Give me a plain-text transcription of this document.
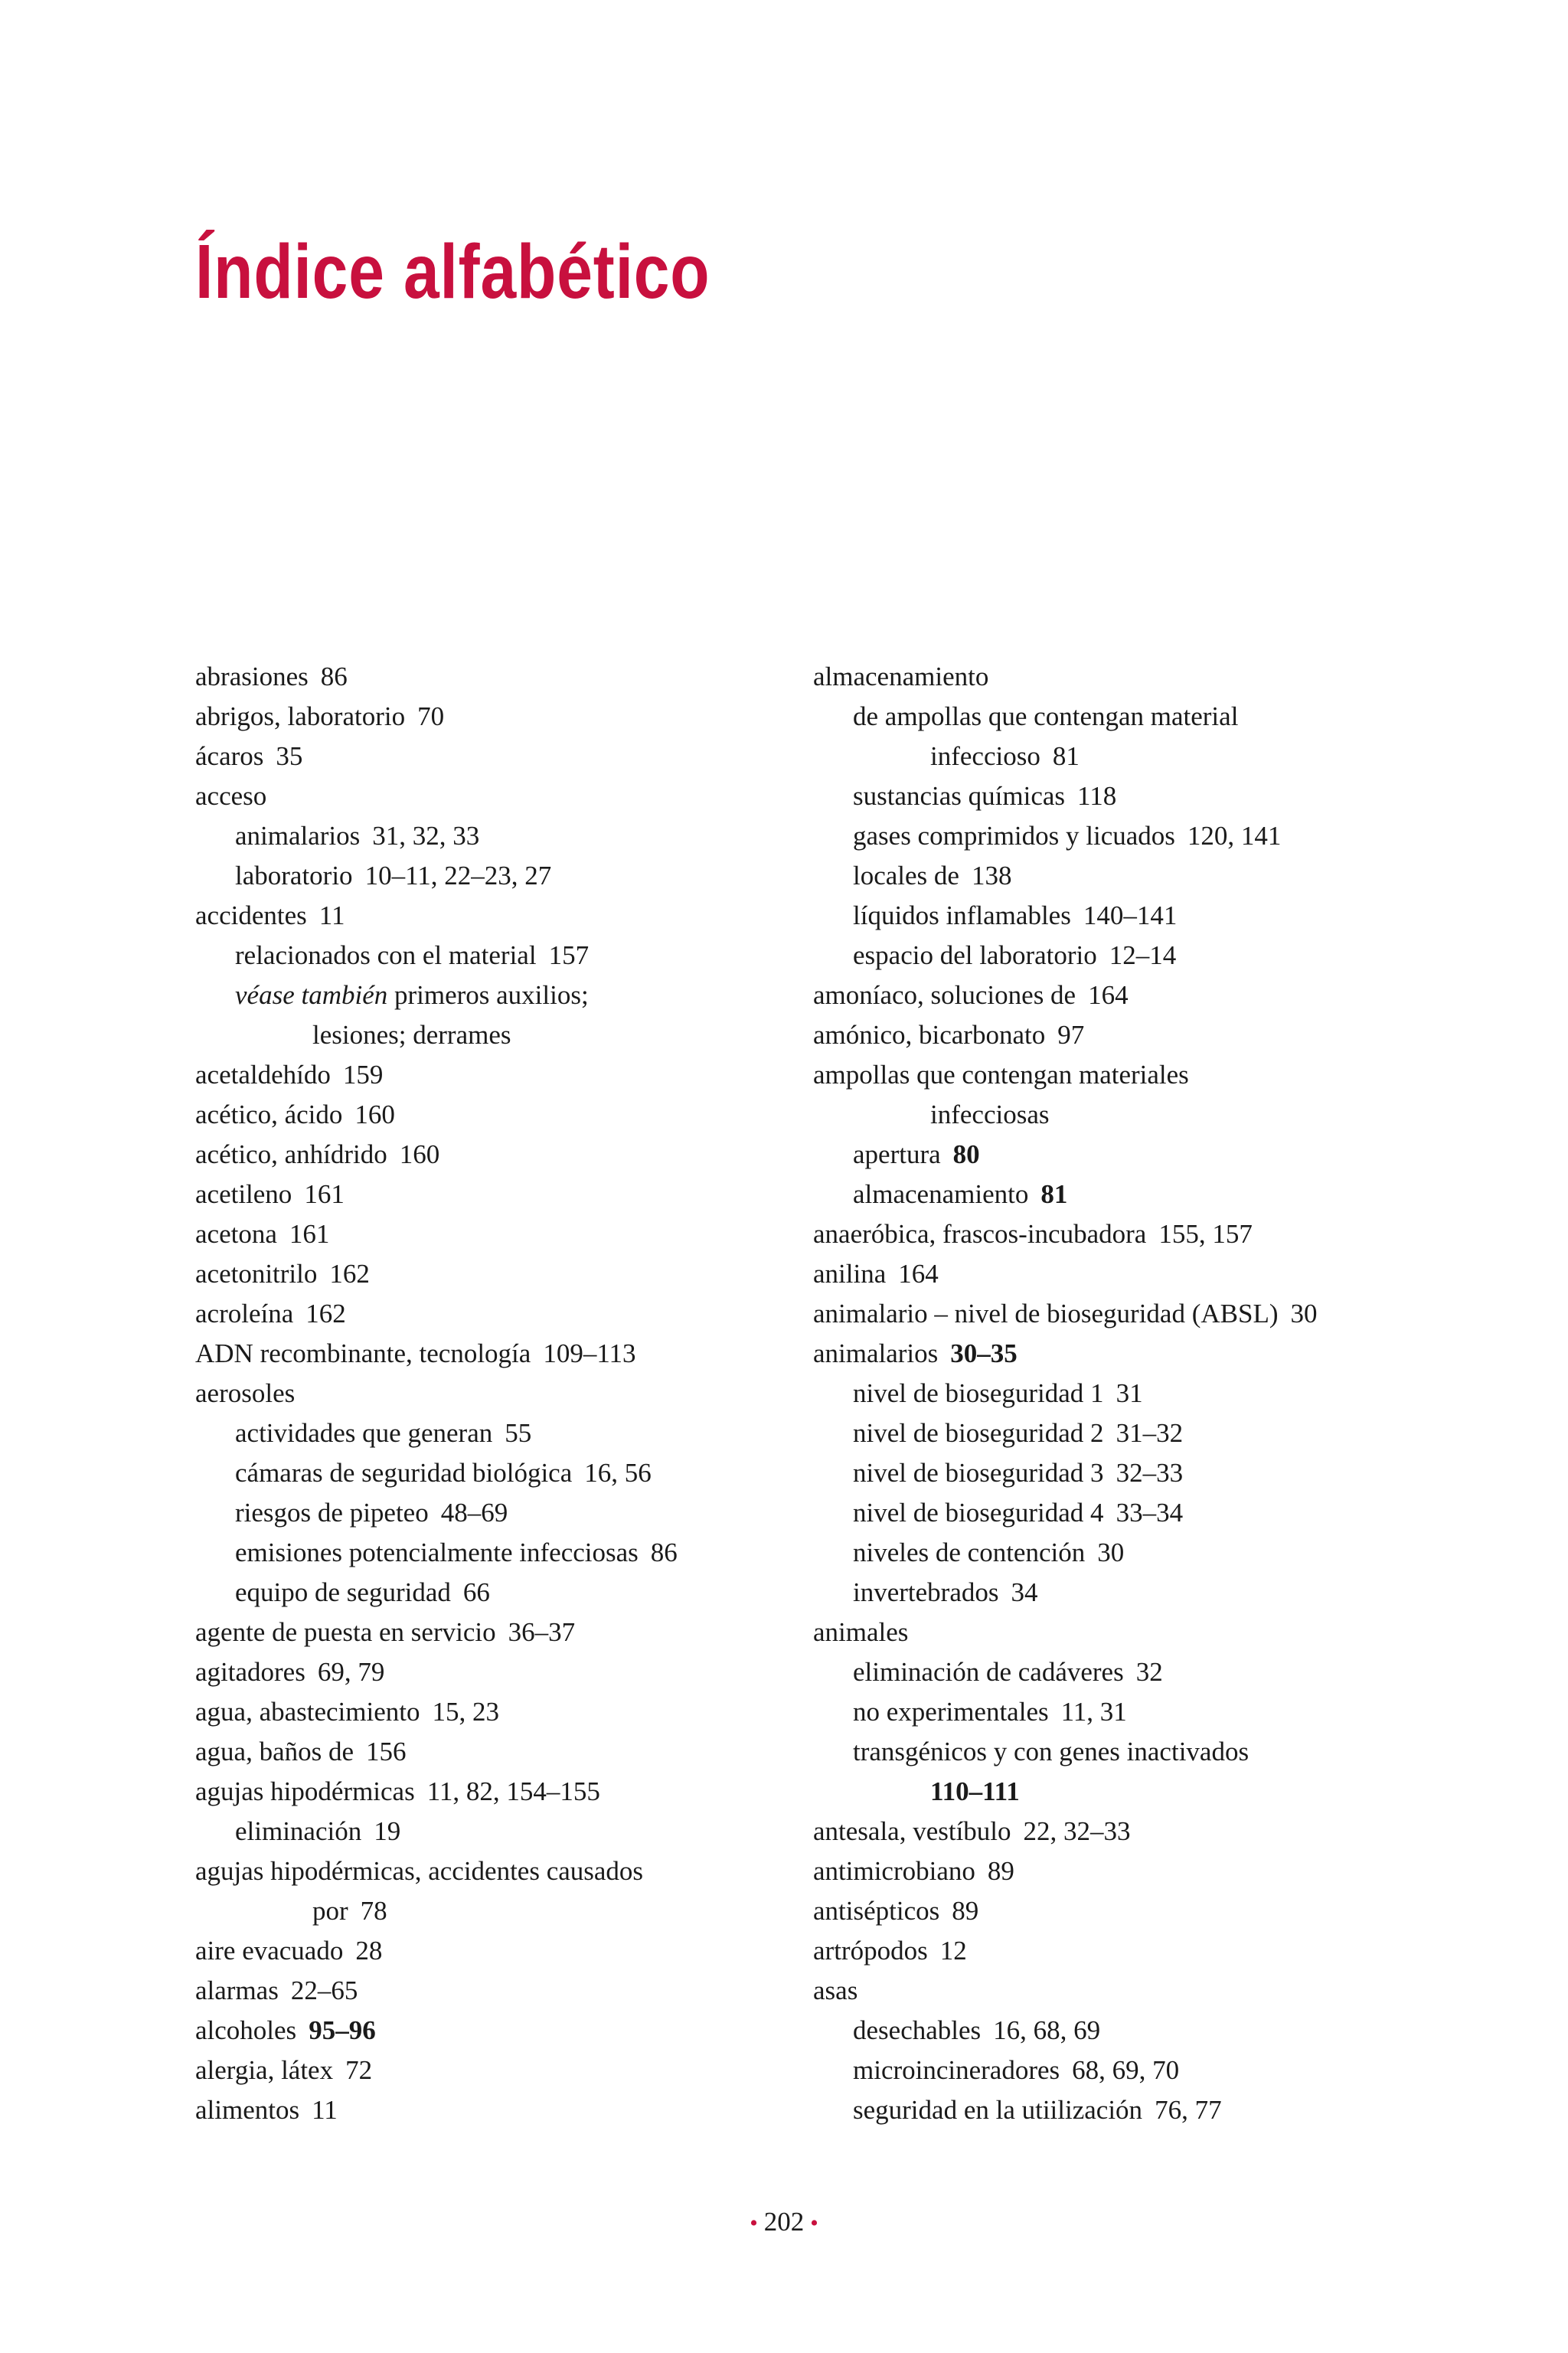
Índice alfabético
abrasiones 86
abrigos, laboratorio 70
ácaros 35
acceso
animalarios 31, 32, 33
laboratorio 10–11, 22–23, 27
accidentes 11
relacionados con el material 157
véase también primeros auxilios;
lesiones; derrames
acetaldehído 159
acético, ácido 160
acético, anhídrido 160
acetileno 161
acetona 161
acetonitrilo 162
acroleína 162
ADN recombinante, tecnología 109–113
aerosoles
actividades que generan 55
cámaras de seguridad biológica 16, 56
riesgos de pipeteo 48–69
emisiones potencialmente infecciosas 86
equipo de seguridad 66
agente de puesta en servicio 36–37
agitadores 69, 79
agua, abastecimiento 15, 23
agua, baños de 156
agujas hipodérmicas 11, 82, 154–155
eliminación 19
agujas hipodérmicas, accidentes causados
por 78
aire evacuado 28
alarmas 22–65
alcoholes 95–96
alergia, látex 72
alimentos 11
almacenamiento
de ampollas que contengan material
infeccioso 81
sustancias químicas 118
gases comprimidos y licuados 120, 141
locales de 138
líquidos inflamables 140–141
espacio del laboratorio 12–14
amoníaco, soluciones de 164
amónico, bicarbonato 97
ampollas que contengan materiales
infecciosas
apertura 80
almacenamiento 81
anaeróbica, frascos-incubadora 155, 157
anilina 164
animalario – nivel de bioseguridad (ABSL) 30
animalarios 30–35
nivel de bioseguridad 1 31
nivel de bioseguridad 2 31–32
nivel de bioseguridad 3 32–33
nivel de bioseguridad 4 33–34
niveles de contención 30
invertebrados 34
animales
eliminación de cadáveres 32
no experimentales 11, 31
transgénicos y con genes inactivados
110–111
antesala, vestíbulo 22, 32–33
antimicrobiano 89
antisépticos 89
artrópodos 12
asas
desechables 16, 68, 69
microincineradores 68, 69, 70
seguridad en la utiilización 76, 77
• 202 •
